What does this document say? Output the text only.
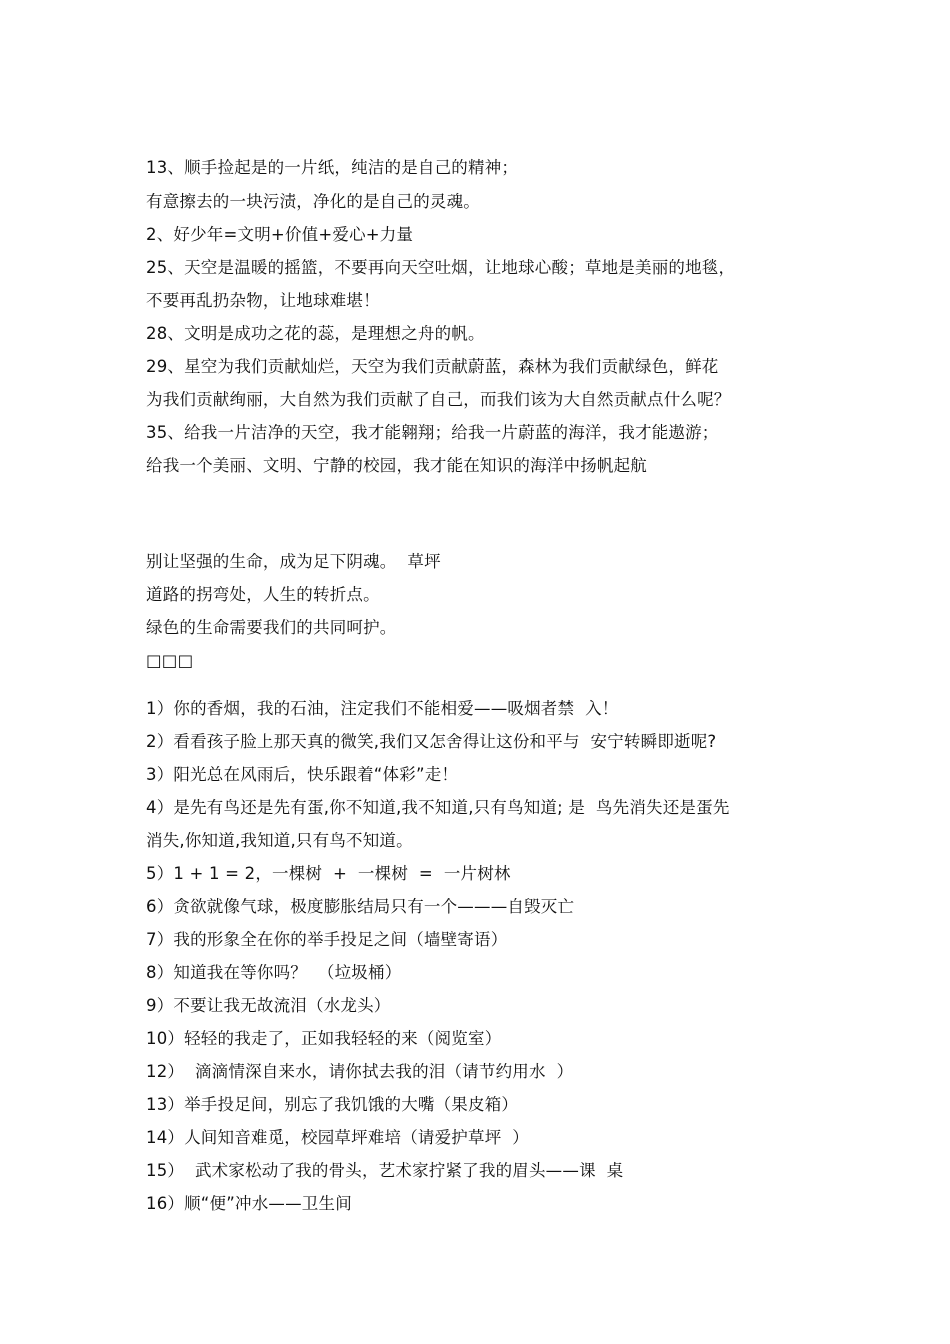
13、顺手捡起是的一片纸，纯洁的是自己的精神；
有意擦去的一块污渍，净化的是自己的灵魂。
2、好少年=文明+价值+爱心+力量
25、天空是温暖的摇篮，不要再向天空吐烟，让地球心酸；草地是美丽的地毯，
不要再乱扔杂物，让地球难堪！
28、文明是成功之花的蕊，是理想之舟的帆。
29、星空为我们贡献灿烂，天空为我们贡献蔚蓝，森林为我们贡献绿色，鲜花
为我们贡献绚丽，大自然为我们贡献了自己，而我们该为大自然贡献点什么呢？
35、给我一片洁净的天空，我才能翱翔；给我一片蔚蓝的海洋，我才能遨游；
给我一个美丽、文明、宁静的校园，我才能在知识的海洋中扬帆起航
别让坚强的生命，成为足下阴魂。  草坪
道路的拐弯处，人生的转折点。
绿色的生命需要我们的共同呵护。
□□□
1）你的香烟，我的石油，注定我们不能相爱——吸烟者禁  入！
2）看看孩子脸上那天真的微笑,我们又怎舍得让这份和平与  安宁转瞬即逝呢?
3）阳光总在风雨后，快乐跟着“体彩”走！
4）是先有鸟还是先有蛋,你不知道,我不知道,只有鸟知道; 是  鸟先消失还是蛋先
消失,你知道,我知道,只有鸟不知道。
5）1 + 1 = 2，一棵树  +  一棵树  =  一片树林
6）贪欲就像气球，极度膨胀结局只有一个———自毁灭亡
7）我的形象全在你的举手投足之间（墙壁寄语）
8）知道我在等你吗？  （垃圾桶）
9）不要让我无故流泪（水龙头）
10）轻轻的我走了，正如我轻轻的来（阅览室）
12）  滴滴情深自来水，请你拭去我的泪（请节约用水  ）
13）举手投足间，别忘了我饥饿的大嘴（果皮箱）
14）人间知音难觅，校园草坪难培（请爱护草坪  ）
15）  武术家松动了我的骨头，艺术家拧紧了我的眉头——课  桌
16）顺“便”冲水——卫生间
